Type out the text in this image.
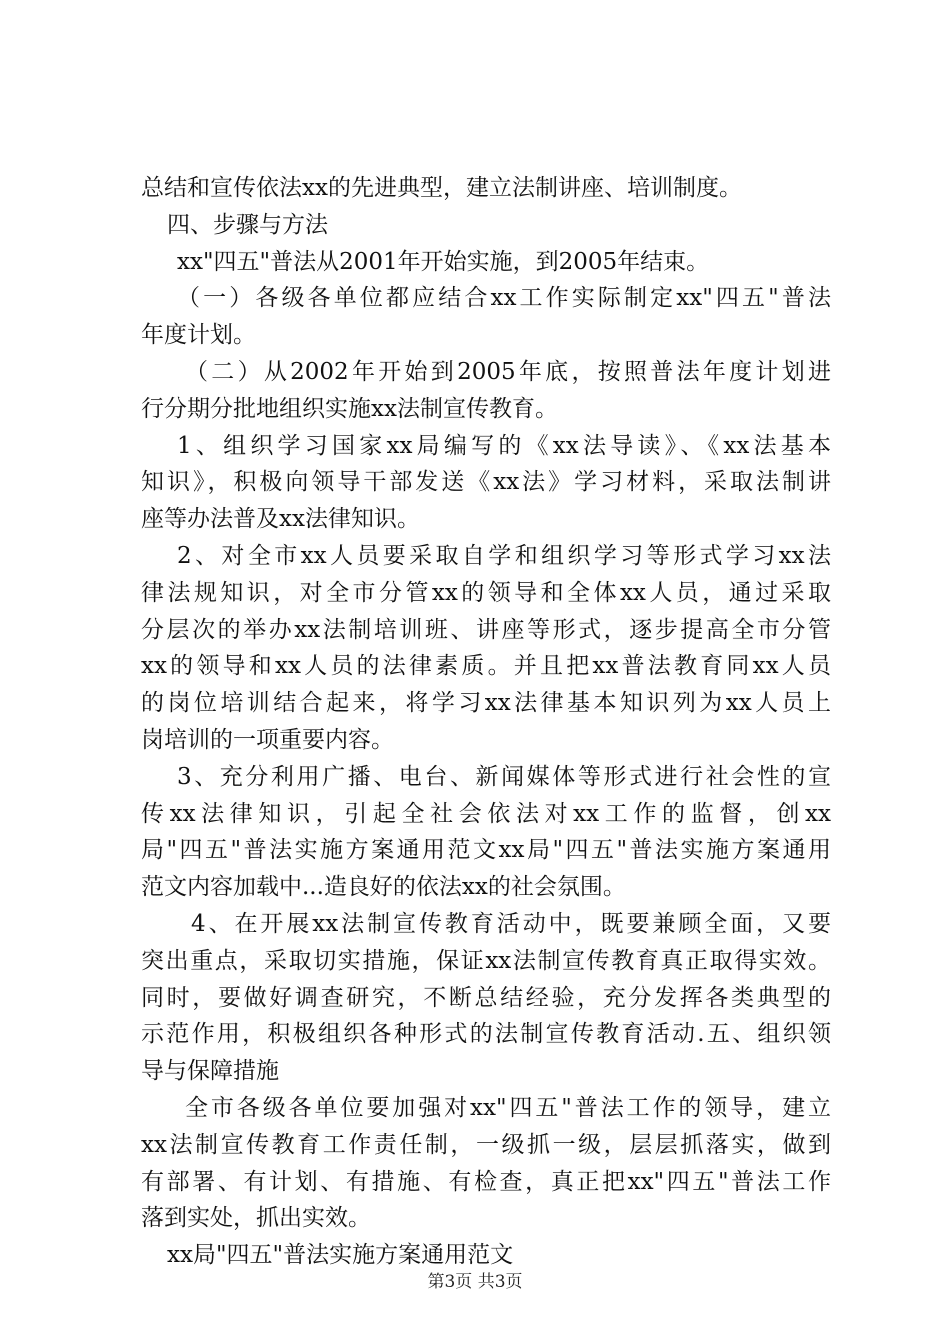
总结和宣传依法xx的先进典型，建立法制讲座、培训制度。
四、步骤与方法
xx"四五"普法从2001年开始实施，到2005年结束。
（一）各级各单位都应结合xx工作实际制定xx"四五"普法
年度计划。
（二）从2002年开始到2005年底，按照普法年度计划进
行分期分批地组织实施xx法制宣传教育。
1、组织学习国家xx局编写的《xx法导读》、《xx法基本
知识》，积极向领导干部发送《xx法》学习材料，采取法制讲
座等办法普及xx法律知识。
2、对全市xx人员要采取自学和组织学习等形式学习xx法
律法规知识，对全市分管xx的领导和全体xx人员，通过采取
分层次的举办xx法制培训班、讲座等形式，逐步提高全市分管
xx的领导和xx人员的法律素质。并且把xx普法教育同xx人员
的岗位培训结合起来，将学习xx法律基本知识列为xx人员上
岗培训的一项重要内容。
3、充分利用广播、电台、新闻媒体等形式进行社会性的宣
传xx法律知识，引起全社会依法对xx工作的监督，创xx
局"四五"普法实施方案通用范文xx局"四五"普法实施方案通用
范文内容加载中...造良好的依法xx的社会氛围。
4、在开展xx法制宣传教育活动中，既要兼顾全面，又要
突出重点，采取切实措施，保证xx法制宣传教育真正取得实效。
同时，要做好调查研究，不断总结经验，充分发挥各类典型的
示范作用，积极组织各种形式的法制宣传教育活动.五、组织领
导与保障措施
全市各级各单位要加强对xx"四五"普法工作的领导，建立
xx法制宣传教育工作责任制，一级抓一级，层层抓落实，做到
有部署、有计划、有措施、有检查，真正把xx"四五"普法工作
落到实处，抓出实效。
xx局"四五"普法实施方案通用范文
第3页 共3页
